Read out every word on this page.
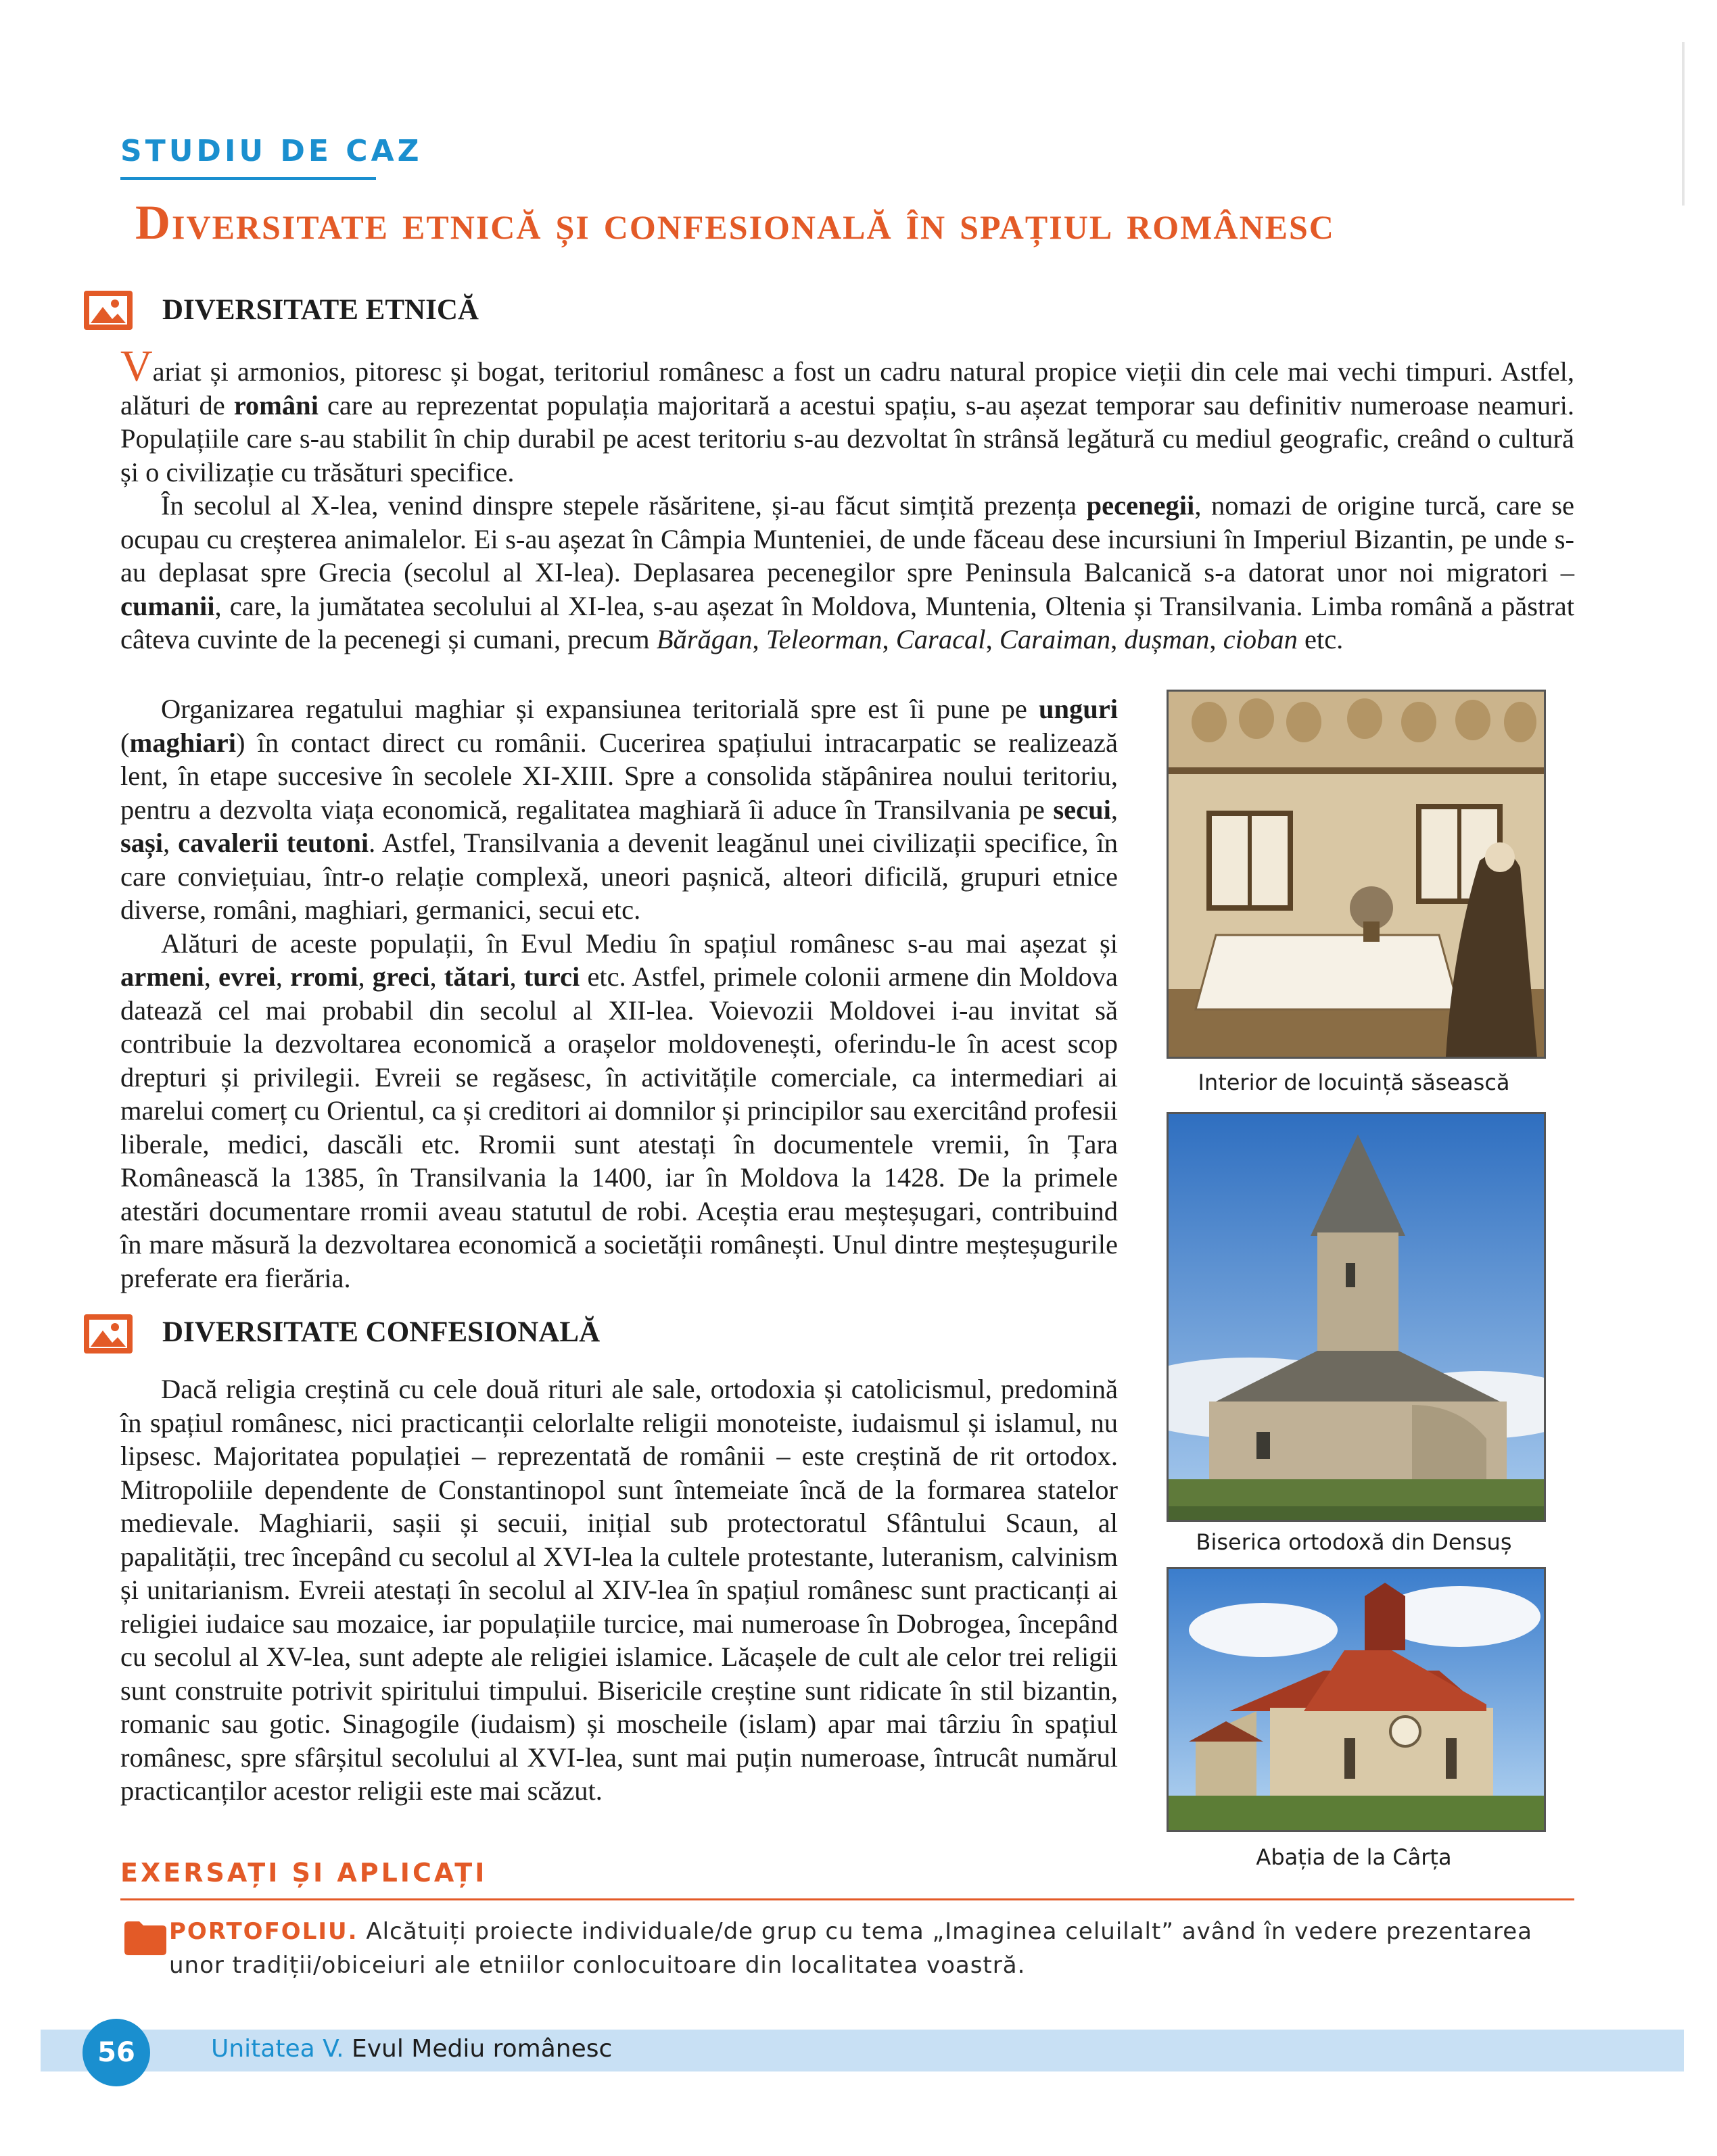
STUDIU DE CAZ
Diversitate etnică și confesională în spațiul românesc
DIVERSITATE ETNICĂ

Variat și armonios, pitoresc și bogat, teritoriul românesc a fost un cadru natural propice vieții din cele mai vechi timpuri. Astfel, alături de români care au reprezentat populația majoritară a acestui spațiu, s-au așezat temporar sau definitiv numeroase neamuri. Populațiile care s-au stabilit în chip durabil pe acest teritoriu s-au dezvoltat în strânsă legătură cu mediul geografic, creând o cultură și o civilizație cu trăsături specifice.

În secolul al X-lea, venind dinspre stepele răsăritene, și-au făcut simțită prezența pecenegii, nomazi de origine turcă, care se ocupau cu creșterea animalelor. Ei s-au așezat în Câmpia Munteniei, de unde făceau dese incursiuni în Imperiul Bizantin, pe unde s-au deplasat spre Grecia (secolul al XI-lea). Deplasarea pecenegilor spre Peninsula Balcanică s-a datorat unor noi migratori – cumanii, care, la jumătatea secolului al XI-lea, s-au așezat în Moldova, Muntenia, Oltenia și Transilvania. Limba română a păstrat câteva cuvinte de la pecenegi și cumani, precum Bărăgan, Teleorman, Caracal, Caraiman, dușman, cioban etc.

Organizarea regatului maghiar și expansiunea teritorială spre est îi pune pe unguri (maghiari) în contact direct cu românii. Cucerirea spațiului intracarpatic se realizează lent, în etape succesive în secolele XI-XIII. Spre a consolida stăpânirea noului teritoriu, pentru a dezvolta viața economică, regalitatea maghiară îi aduce în Transilvania pe secui, sași, cavalerii teutoni. Astfel, Transilvania a devenit leagănul unei civilizații specifice, în care conviețuiau, într-o relație complexă, uneori pașnică, alteori dificilă, grupuri etnice diverse, români, maghiari, germanici, secui etc.

Alături de aceste populații, în Evul Mediu în spațiul românesc s-au mai așezat și armeni, evrei, rromi, greci, tătari, turci etc. Astfel, primele colonii armene din Moldova datează cel mai probabil din secolul al XII-lea. Voievozii Moldovei i-au invitat să contribuie la dezvoltarea economică a orașelor moldovenești, oferindu-le în acest scop drepturi și privilegii. Evreii se regăsesc, în activitățile comerciale, ca intermediari ai marelui comerț cu Orientul, ca și creditori ai domnilor și principilor sau exercitând profesii liberale, medici, dascăli etc. Rromii sunt atestați în documentele vremii, în Țara Românească la 1385, în Transilvania la 1400, iar în Moldova la 1428. De la primele atestări documentare rromii aveau statutul de robi. Aceștia erau meșteșugari, contribuind în mare măsură la dezvoltarea economică a societății românești. Unul dintre meșteșugurile preferate era fierăria.

DIVERSITATE CONFESIONALĂ

Dacă religia creștină cu cele două rituri ale sale, ortodoxia și catolicismul, predomină în spațiul românesc, nici practicanții celorlalte religii monoteiste, iudaismul și islamul, nu lipsesc. Majoritatea populației – reprezentată de românii – este creștină de rit ortodox. Mitropoliile dependente de Constantinopol sunt întemeiate încă de la formarea statelor medievale. Maghiarii, sașii și secuii, inițial sub protectoratul Sfântului Scaun, al papalității, trec începând cu secolul al XVI-lea la cultele protestante, luteranism, calvinism și unitarianism. Evreii atestați în secolul al XIV-lea în spațiul românesc sunt practicanți ai religiei iudaice sau mozaice, iar populațiile turcice, mai numeroase în Dobrogea, începând cu secolul al XV-lea, sunt adepte ale religiei islamice. Lăcașele de cult ale celor trei religii sunt construite potrivit spiritului timpului. Bisericile creștine sunt ridicate în stil bizantin, romanic sau gotic. Sinagogile (iudaism) și moscheile (islam) apar mai târziu în spațiul românesc, spre sfârșitul secolului al XVI-lea, sunt mai puțin numeroase, întrucât numărul practicanților acestor religii este mai scăzut.

Interior de locuință săsească
Biserica ortodoxă din Densuș
Abația de la Cârța
EXERSAȚI ȘI APLICAȚI
PORTOFOLIU. Alcătuiți proiecte individuale/de grup cu tema „Imaginea celuilalt” având în vedere prezentarea unor tradiții/obiceiuri ale etniilor conlocuitoare din localitatea voastră.
56	Unitatea V. Evul Mediu românesc
